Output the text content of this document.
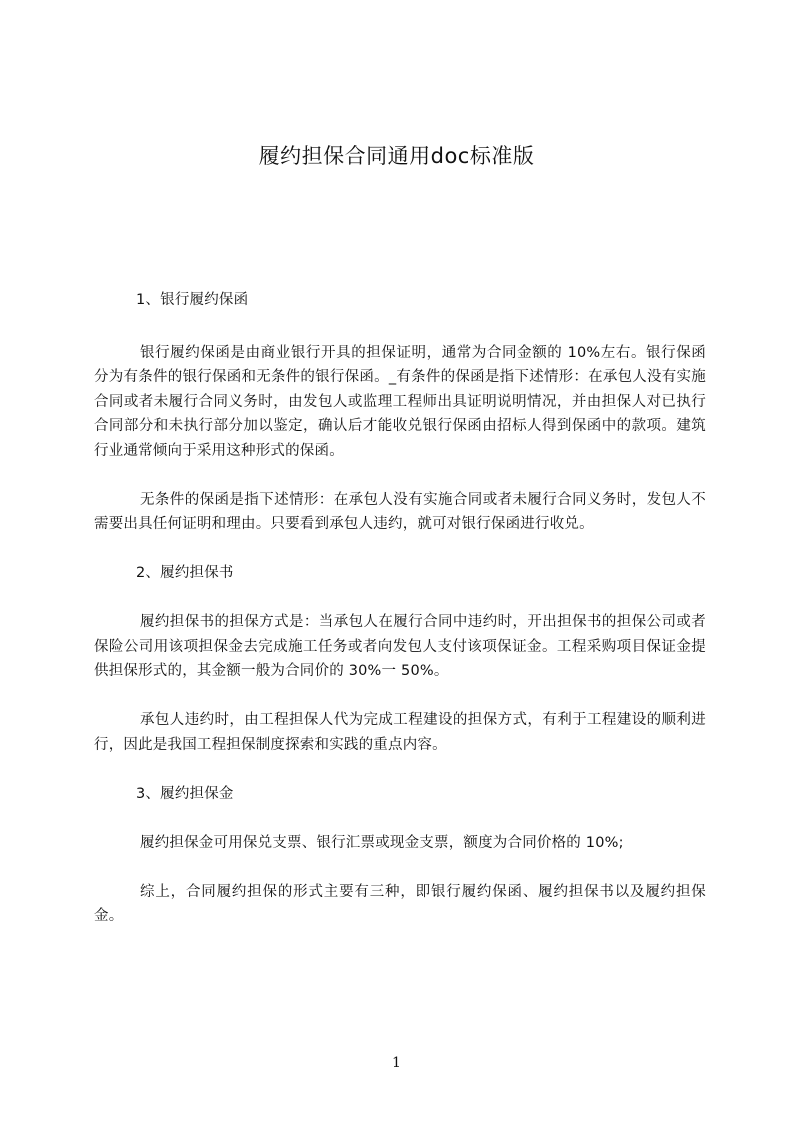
履约担保合同通用doc标准版

1、银行履约保函

银行履约保函是由商业银行开具的担保证明，通常为合同金额的 10%左右。银行保函分为有条件的银行保函和无条件的银行保函。_有条件的保函是指下述情形：在承包人没有实施合同或者未履行合同义务时，由发包人或监理工程师出具证明说明情况，并由担保人对已执行合同部分和未执行部分加以鉴定，确认后才能收兑银行保函由招标人得到保函中的款项。建筑行业通常倾向于采用这种形式的保函。

无条件的保函是指下述情形：在承包人没有实施合同或者未履行合同义务时，发包人不需要出具任何证明和理由。只要看到承包人违约，就可对银行保函进行收兑。

2、履约担保书

履约担保书的担保方式是：当承包人在履行合同中违约时，开出担保书的担保公司或者保险公司用该项担保金去完成施工任务或者向发包人支付该项保证金。工程采购项目保证金提供担保形式的，其金额一般为合同价的 30%一 50%。

承包人违约时，由工程担保人代为完成工程建设的担保方式，有利于工程建设的顺利进行，因此是我国工程担保制度探索和实践的重点内容。

3、履约担保金

履约担保金可用保兑支票、银行汇票或现金支票，额度为合同价格的 10%;

综上，合同履约担保的形式主要有三种，即银行履约保函、履约担保书以及履约担保金。

1
